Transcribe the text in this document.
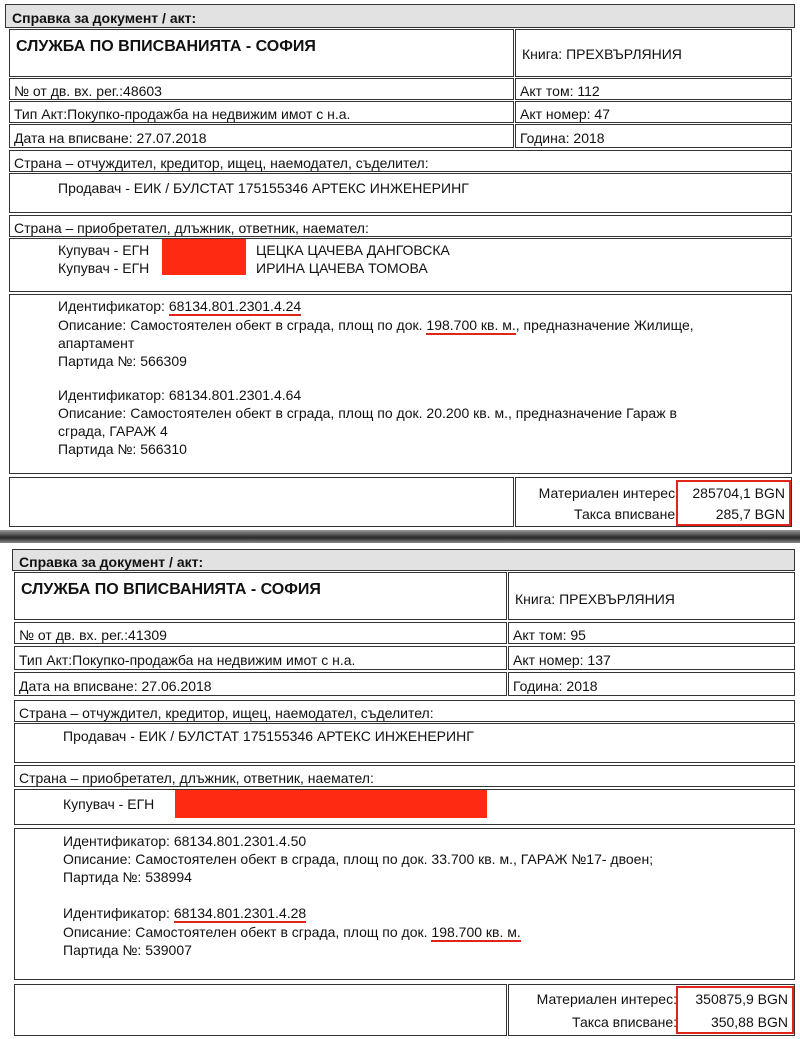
Справка за документ / акт:
СЛУЖБА ПО ВПИСВАНИЯТА - СОФИЯ	Книга: ПРЕХВЪРЛЯНИЯ
№ от дв. вх. рег.:48603	Акт том: 112
Тип Акт:Покупко-продажба на недвижим имот с н.а.	Акт номер: 47
Дата на вписване: 27.07.2018	Година: 2018
Страна – отчуждител, кредитор, ищец, наемодател, съделител:
Продавач - ЕИК / БУЛСТАТ 175155346 АРТЕКС ИНЖЕНЕРИНГ
Страна – приобретател, длъжник, ответник, наемател:
Купувач - ЕГН	ЦЕЦКА ЦАЧЕВА ДАНГОВСКА
Купувач - ЕГН	ИРИНА ЦАЧЕВА ТОМОВА
Идентификатор: 68134.801.2301.4.24
Описание: Самостоятелен обект в сграда, площ по док. 198.700 кв. м., предназначение Жилище,
апартамент
Партида №: 566309
Идентификатор: 68134.801.2301.4.64
Описание: Самостоятелен обект в сграда, площ по док. 20.200 кв. м., предназначение Гараж в
сграда, ГАРАЖ 4
Партида №: 566310
Материален интерес: 285704,1 BGN
Такса вписване:	285,7 BGN
Справка за документ / акт:
СЛУЖБА ПО ВПИСВАНИЯТА - СОФИЯ
Книга: ПРЕХВЪРЛЯНИЯ
№ от дв. вх. рег.:41309	Акт том: 95
Тип Акт:Покупко-продажба на недвижим имот с н.а.	Акт номер: 137
Дата на вписване: 27.06.2018	Година: 2018
Страна – отчуждител, кредитор, ищец, наемодател, съделител:
Продавач - ЕИК / БУЛСТАТ 175155346 АРТЕКС ИНЖЕНЕРИНГ
Страна – приобретател, длъжник, ответник, наемател:
Купувач - ЕГН
Идентификатор: 68134.801.2301.4.50
Описание: Самостоятелен обект в сграда, площ по док. 33.700 кв. м., ГАРАЖ №17- двоен;
Партида №: 538994
Идентификатор: 68134.801.2301.4.28
Описание: Самостоятелен обект в сграда, площ по док. 198.700 кв. м.
Партида №: 539007
Материален интерес: 350875,9 BGN
Такса вписване: 350,88 BGN
